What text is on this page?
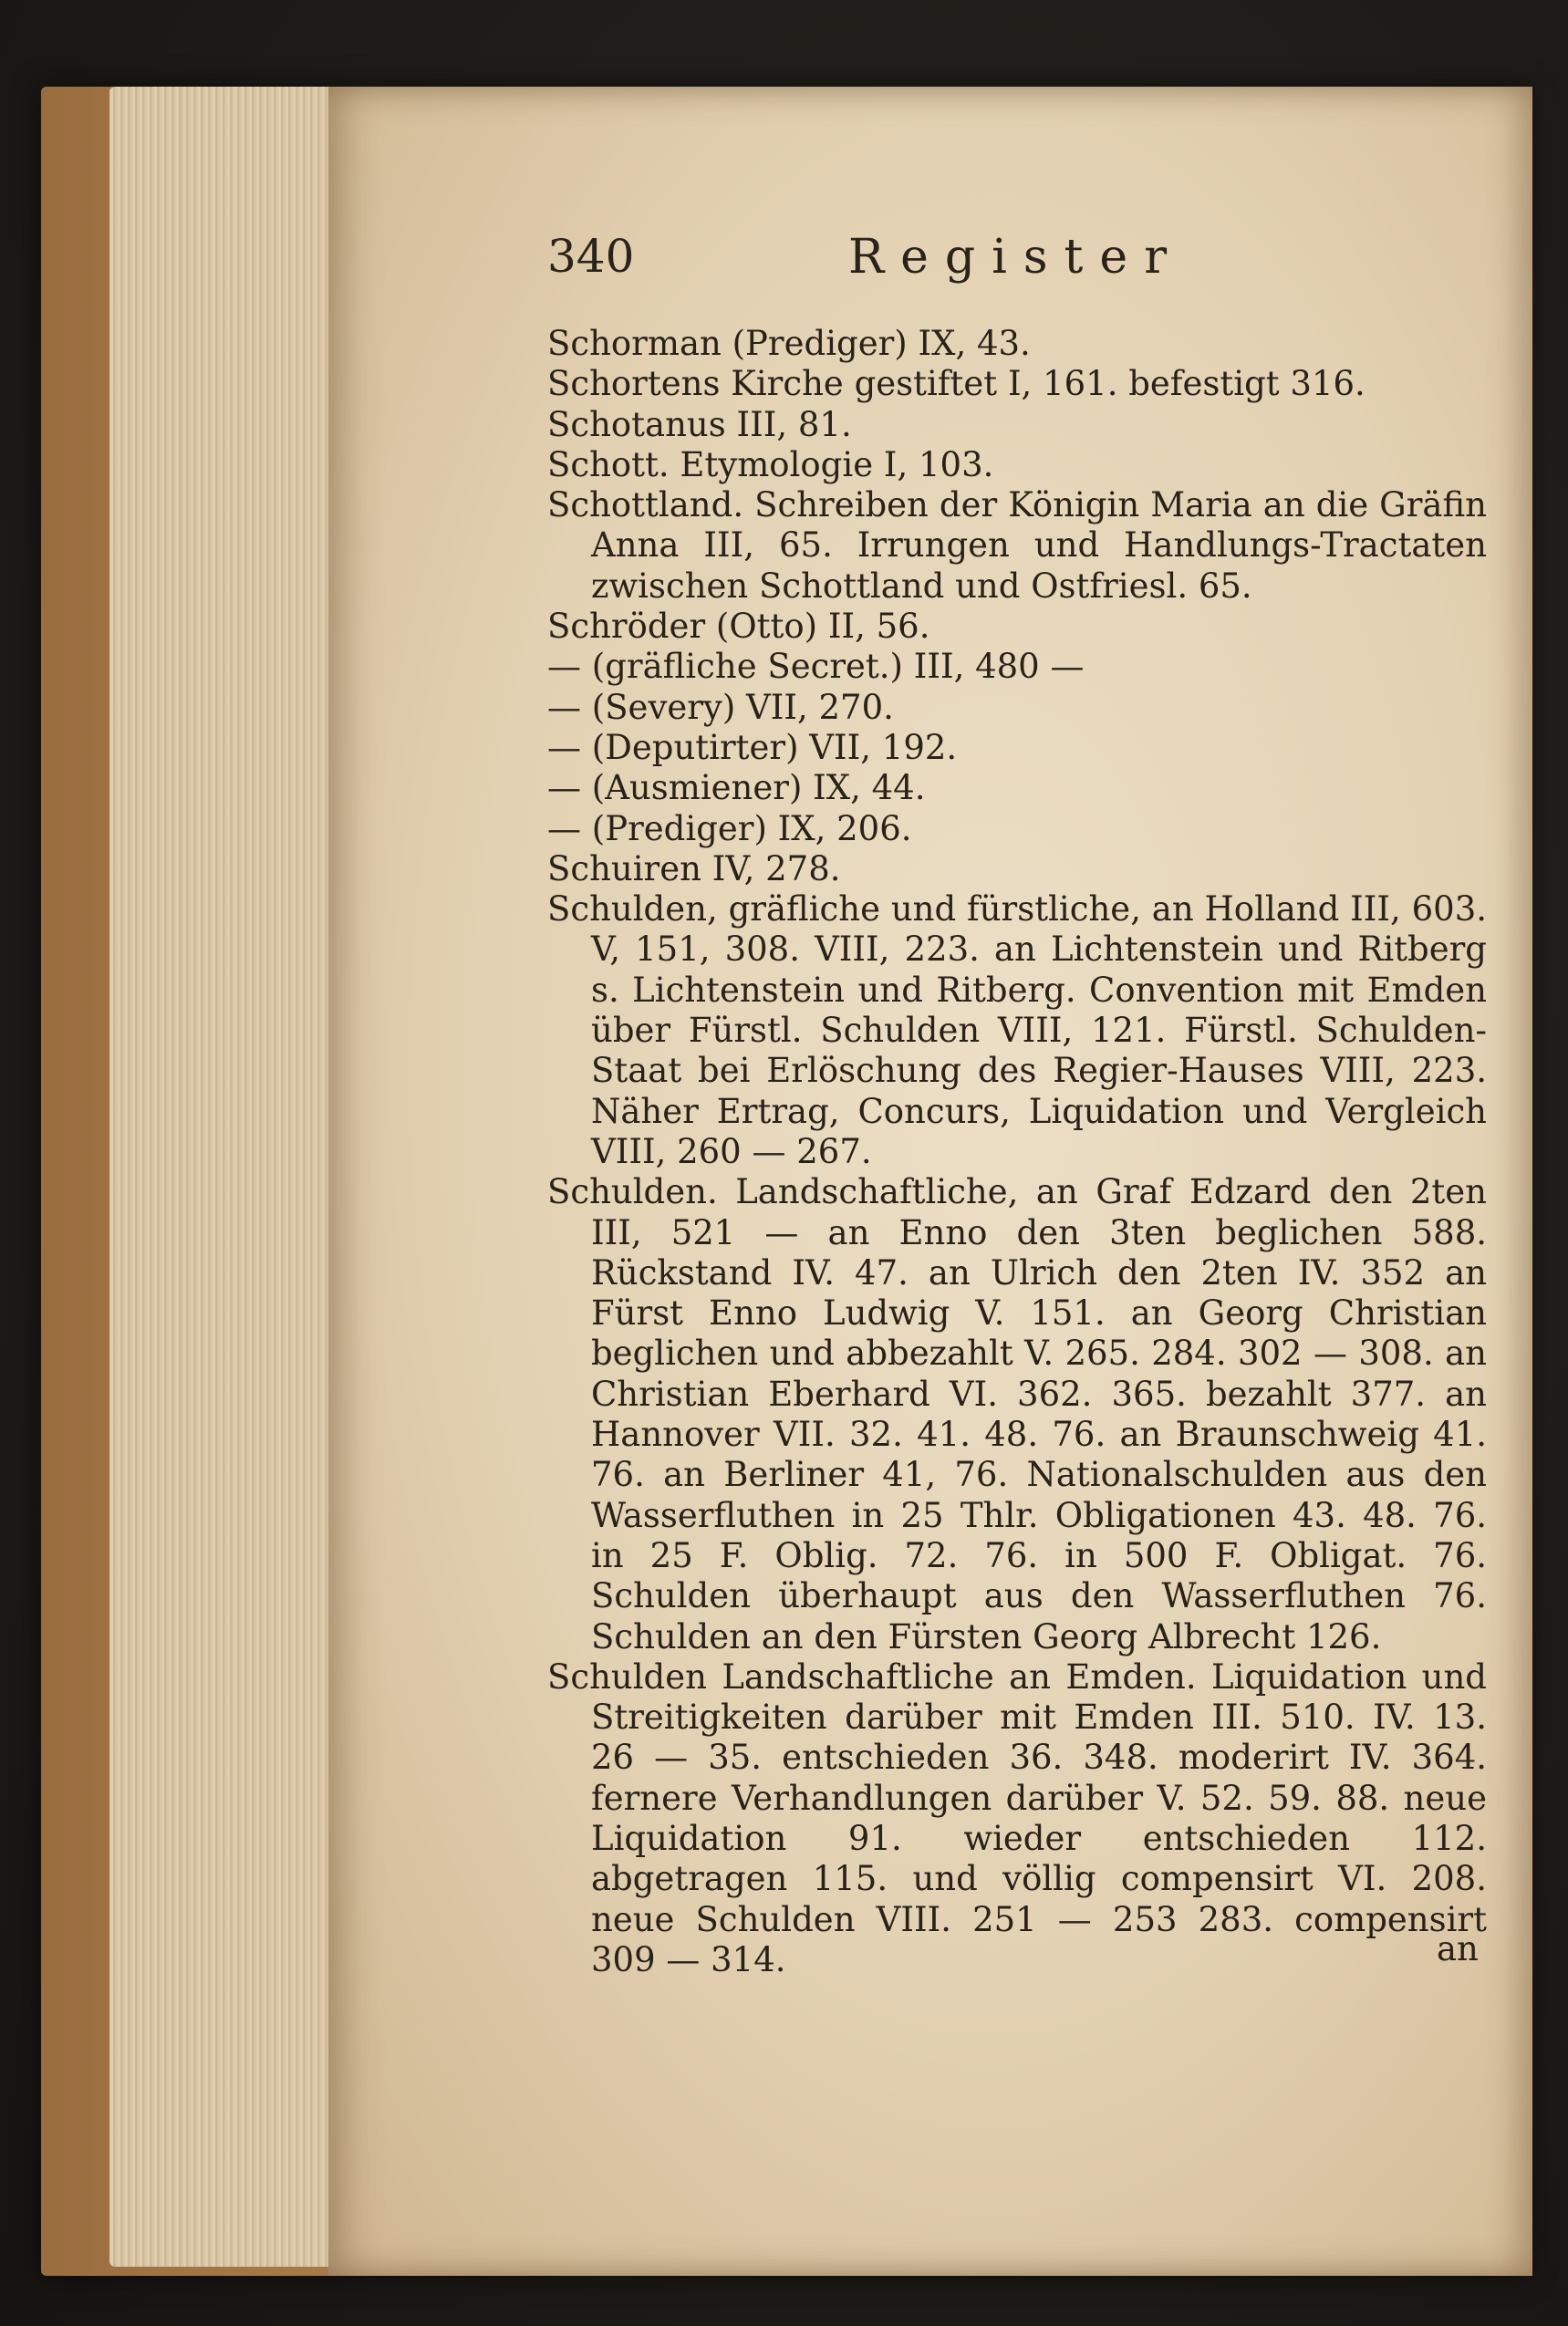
340	Register

Schorman (Prediger) IX, 43.

Schortens Kirche gestiftet I, 161. befestigt 316.

Schotanus III, 81.

Schott. Etymologie I, 103.

Schottland. Schreiben der Königin Maria an die Gräfin Anna III, 65. Irrungen und Handlungs-Tractaten zwischen Schottland und Ostfriesl. 65.

Schröder (Otto) II, 56.

— (gräfliche Secret.) III, 480 —

— (Severy) VII, 270.

— (Deputirter) VII, 192.

— (Ausmiener) IX, 44.

— (Prediger) IX, 206.

Schuiren IV, 278.

Schulden, gräfliche und fürstliche, an Holland III, 603. V, 151, 308. VIII, 223. an Lichtenstein und Ritberg s. Lichtenstein und Ritberg. Convention mit Emden über Fürstl. Schulden VIII, 121. Fürstl. Schulden-Staat bei Erlöschung des Regier-Hauses VIII, 223. Näher Ertrag, Concurs, Liquidation und Vergleich VIII, 260 — 267.

Schulden. Landschaftliche, an Graf Edzard den 2ten III, 521 — an Enno den 3ten beglichen 588. Rückstand IV. 47. an Ulrich den 2ten IV. 352 an Fürst Enno Ludwig V. 151. an Georg Christian beglichen und abbezahlt V. 265. 284. 302 — 308. an Christian Eberhard VI. 362. 365. bezahlt 377. an Hannover VII. 32. 41. 48. 76. an Braunschweig 41. 76. an Berliner 41, 76. Nationalschulden aus den Wasserfluthen in 25 Thlr. Obligationen 43. 48. 76. in 25 F. Oblig. 72. 76. in 500 F. Obligat. 76. Schulden überhaupt aus den Wasserfluthen 76. Schulden an den Fürsten Georg Albrecht 126.

Schulden Landschaftliche an Emden. Liquidation und Streitigkeiten darüber mit Emden III. 510. IV. 13. 26 — 35. entschieden 36. 348. moderirt IV. 364. fernere Verhandlungen darüber V. 52. 59. 88. neue Liquidation 91. wieder entschieden 112. abgetragen 115. und völlig compensirt VI. 208. neue Schulden VIII. 251 — 253 283. compensirt 309 — 314.	an
